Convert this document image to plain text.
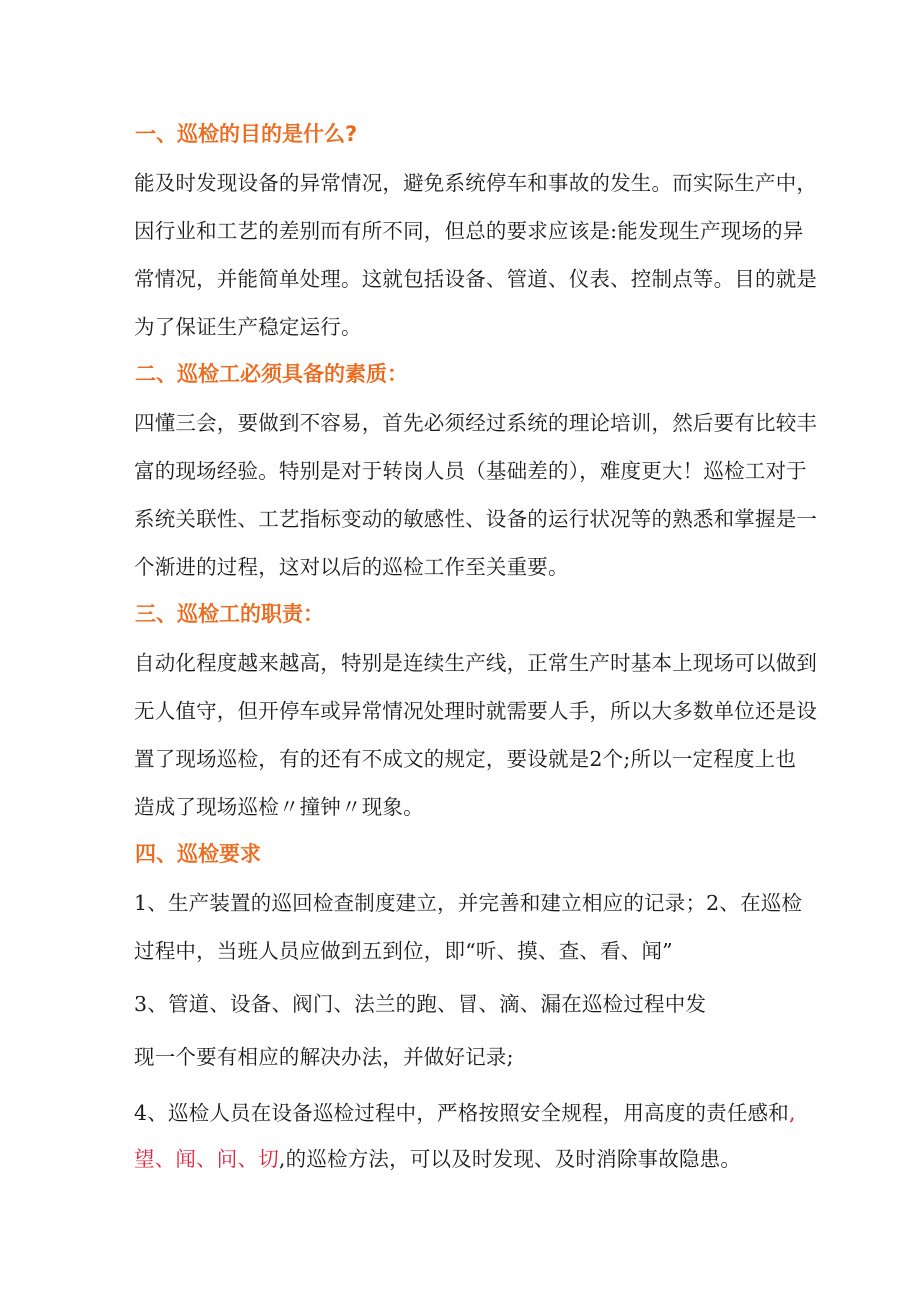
一、巡检的目的是什么?
能及时发现设备的异常情况，避免系统停车和事故的发生。而实际生产中，
因行业和工艺的差别而有所不同，但总的要求应该是:能发现生产现场的异
常情况，并能简单处理。这就包括设备、管道、仪表、控制点等。目的就是
为了保证生产稳定运行。
二、巡检工必须具备的素质：
四懂三会，要做到不容易，首先必须经过系统的理论培训，然后要有比较丰
富的现场经验。特别是对于转岗人员（基础差的），难度更大！巡检工对于
系统关联性、工艺指标变动的敏感性、设备的运行状况等的熟悉和掌握是一
个渐进的过程，这对以后的巡检工作至关重要。
三、巡检工的职责：
自动化程度越来越高，特别是连续生产线，正常生产时基本上现场可以做到
无人值守，但开停车或异常情况处理时就需要人手，所以大多数单位还是设
置了现场巡检，有的还有不成文的规定，要设就是2个;所以一定程度上也
造成了现场巡检〃撞钟〃现象。
四、巡检要求
1、生产装置的巡回检查制度建立，并完善和建立相应的记录；2、在巡检
过程中，当班人员应做到五到位，即“听、摸、查、看、闻”
3、管道、设备、阀门、法兰的跑、冒、滴、漏在巡检过程中发
现一个要有相应的解决办法，并做好记录;
4、巡检人员在设备巡检过程中，严格按照安全规程，用高度的责任感和,
望、闻、问、切,的巡检方法，可以及时发现、及时消除事故隐患。
